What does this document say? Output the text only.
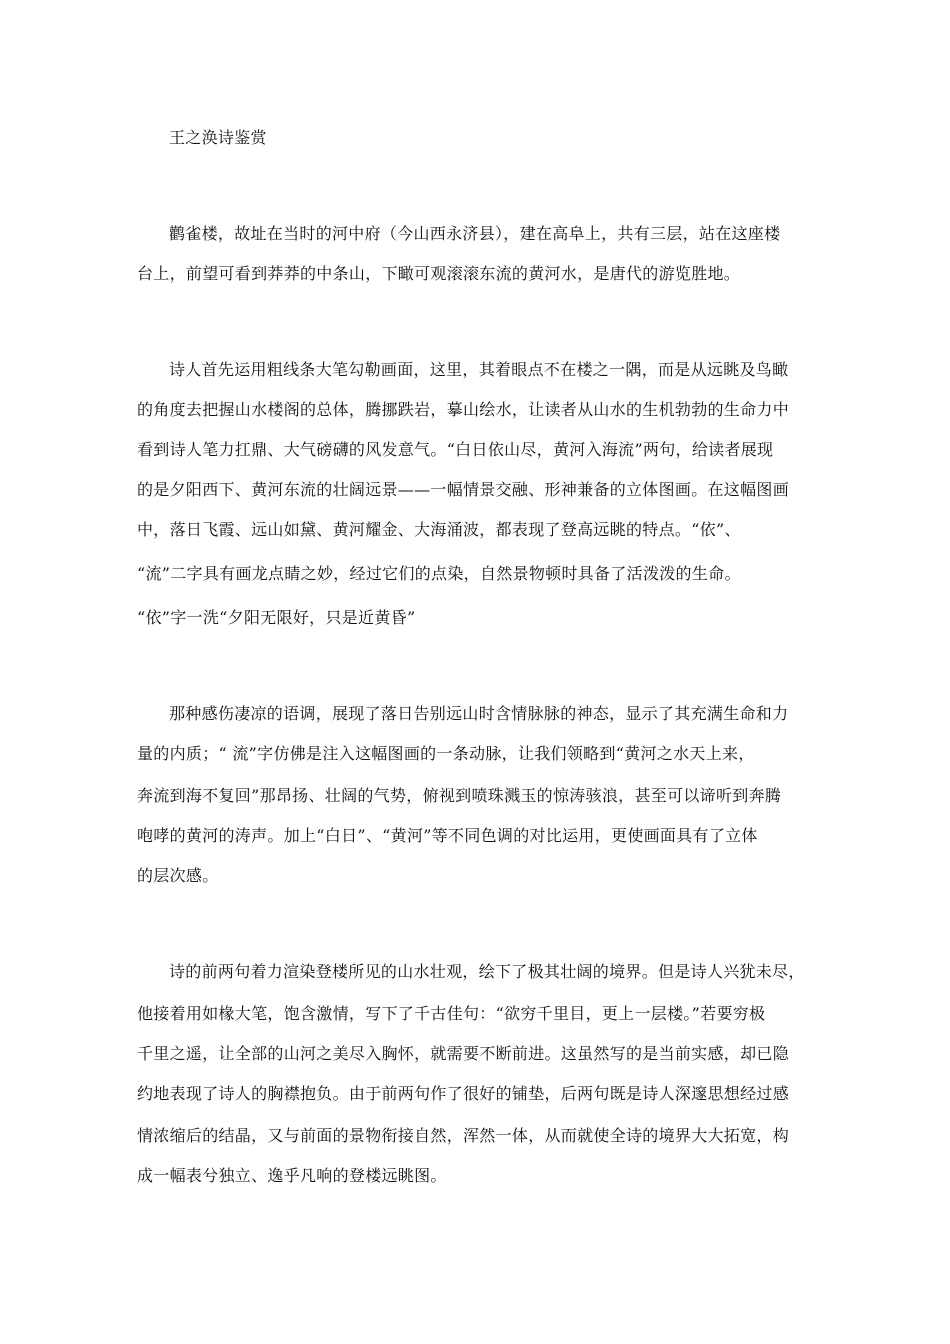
王之涣诗鉴赏
鹳雀楼，故址在当时的河中府（今山西永济县），建在高阜上，共有三层，站在这座楼
台上，前望可看到莽莽的中条山，下瞰可观滚滚东流的黄河水，是唐代的游览胜地。
诗人首先运用粗线条大笔勾勒画面，这里，其着眼点不在楼之一隅，而是从远眺及鸟瞰
的角度去把握山水楼阁的总体，腾挪跌岩，摹山绘水，让读者从山水的生机勃勃的生命力中
看到诗人笔力扛鼎、大气磅礴的风发意气。“白日依山尽，黄河入海流”两句，给读者展现
的是夕阳西下、黄河东流的壮阔远景——一幅情景交融、形神兼备的立体图画。在这幅图画
中，落日飞霞、远山如黛、黄河耀金、大海涌波，都表现了登高远眺的特点。“依”、
“流”二字具有画龙点睛之妙，经过它们的点染，自然景物顿时具备了活泼泼的生命。
“依”字一洗“夕阳无限好，只是近黄昏”
那种感伤凄凉的语调，展现了落日告别远山时含情脉脉的神态，显示了其充满生命和力
量的内质；“ 流”字仿佛是注入这幅图画的一条动脉，让我们领略到“黄河之水天上来，
奔流到海不复回”那昂扬、壮阔的气势，俯视到喷珠溅玉的惊涛骇浪，甚至可以谛听到奔腾
咆哮的黄河的涛声。加上“白日”、“黄河”等不同色调的对比运用，更使画面具有了立体
的层次感。
诗的前两句着力渲染登楼所见的山水壮观，绘下了极其壮阔的境界。但是诗人兴犹未尽，
他接着用如椽大笔，饱含激情，写下了千古佳句：“欲穷千里目，更上一层楼。”若要穷极
千里之遥，让全部的山河之美尽入胸怀，就需要不断前进。这虽然写的是当前实感，却已隐
约地表现了诗人的胸襟抱负。由于前两句作了很好的铺垫，后两句既是诗人深邃思想经过感
情浓缩后的结晶，又与前面的景物衔接自然，浑然一体，从而就使全诗的境界大大拓宽，构
成一幅表兮独立、逸乎凡响的登楼远眺图。
